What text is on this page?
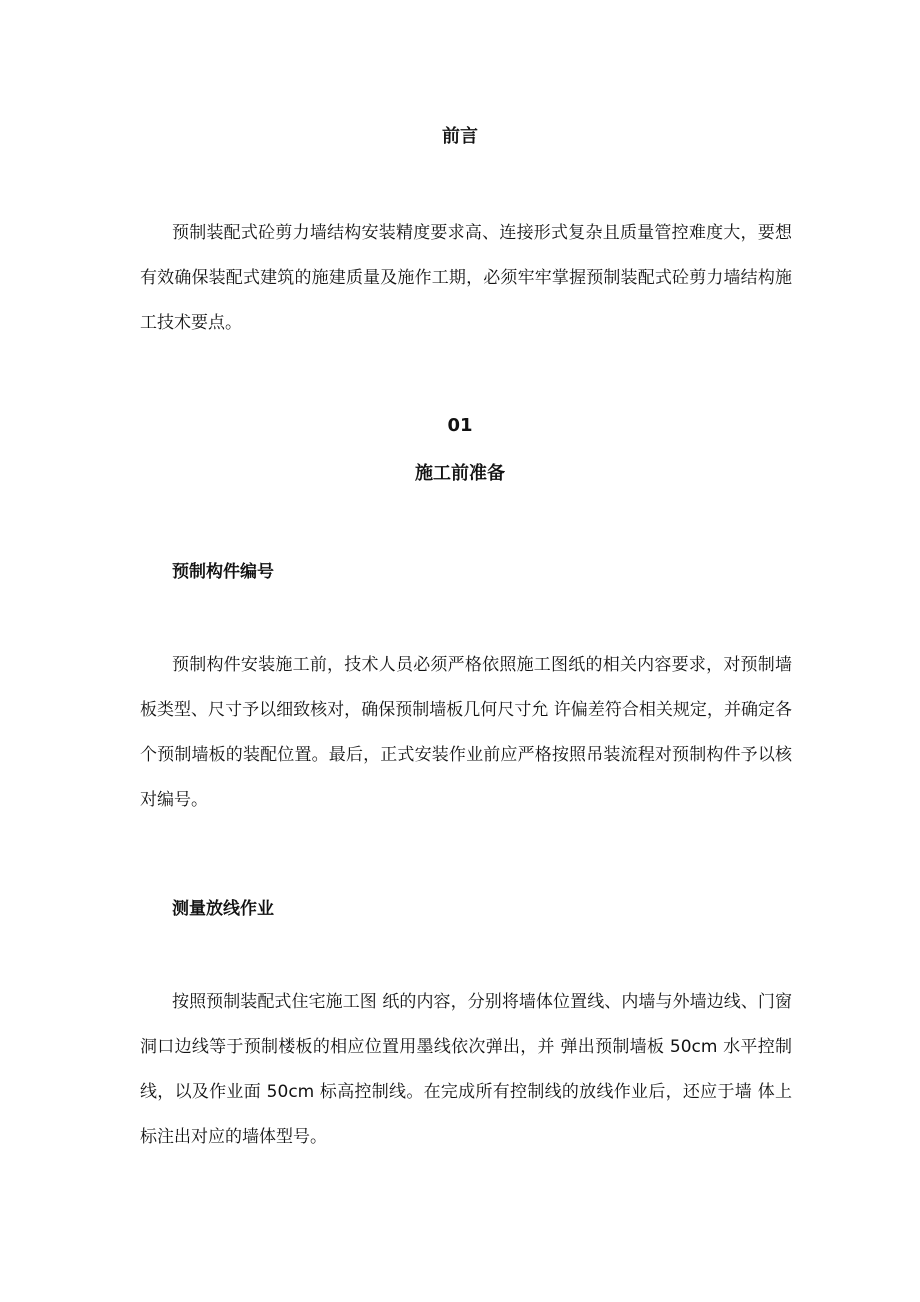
前言

预制装配式砼剪力墙结构安装精度要求高、连接形式复杂且质量管控难度大，要想有效确保装配式建筑的施建质量及施作工期，必须牢牢掌握预制装配式砼剪力墙结构施工技术要点。

01
施工前准备
预制构件编号

预制构件安装施工前，技术人员必须严格依照施工图纸的相关内容要求，对预制墙板类型、尺寸予以细致核对，确保预制墙板几何尺寸允 许偏差符合相关规定，并确定各个预制墙板的装配位置。最后，正式安装作业前应严格按照吊装流程对预制构件予以核对编号。

测量放线作业

按照预制装配式住宅施工图 纸的内容，分别将墙体位置线、内墙与外墙边线、门窗 洞口边线等于预制楼板的相应位置用墨线依次弹出，并 弹出预制墙板 50cm 水平控制线，以及作业面 50cm 标高控制线。在完成所有控制线的放线作业后，还应于墙 体上标注出对应的墙体型号。
